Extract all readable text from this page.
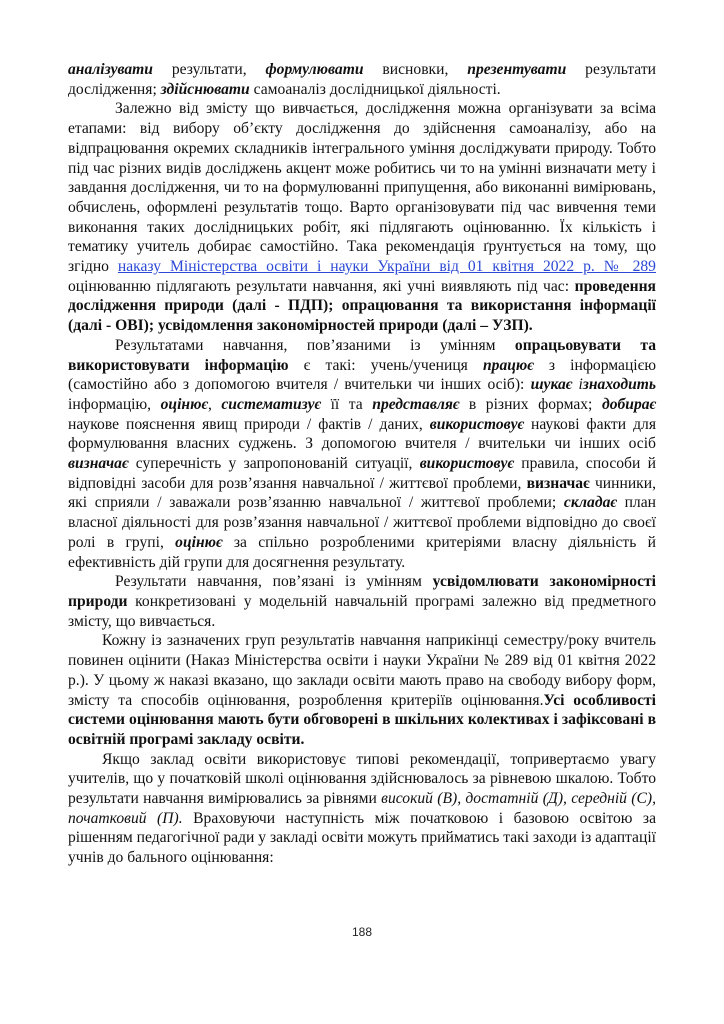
аналізувати результати, формулювати висновки, презентувати результати дослідження; здійснювати самоаналіз дослідницької діяльності.

Залежно від змісту що вивчається, дослідження можна організувати за всіма етапами: від вибору об’єкту дослідження до здійснення самоаналізу, або на відпрацювання окремих складників інтегрального уміння досліджувати природу. Тобто під час різних видів досліджень акцент може робитись чи то на умінні визначати мету і завдання дослідження, чи то на формулюванні припущення, або виконанні вимірювань, обчислень, оформлені результатів тощо. Варто організовувати під час вивчення теми виконання таких дослідницьких робіт, які підлягають оцінюванню. Їх кількість і тематику учитель добирає самостійно. Така рекомендація ґрунтується на тому, що згідно наказу Міністерства освіти і науки України від 01 квітня 2022 р. № 289 оцінюванню підлягають результати навчання, які учні виявляють під час: проведення дослідження природи (далі - ПДП); опрацювання та використання інформації (далі - ОВІ); усвідомлення закономірностей природи (далі – УЗП).

Результатами навчання, пов’язаними із умінням опрацьовувати та використовувати інформацію є такі: учень/учениця працює з інформацією (самостійно або з допомогою вчителя / вчительки чи інших осіб): шукає ізнаходить інформацію, оцінює, систематизує її та представляє в різних формах; добирає наукове пояснення явищ природи / фактів / даних, використовує наукові факти для формулювання власних суджень. З допомогою вчителя / вчительки чи інших осіб визначає суперечність у запропонованій ситуації, використовує правила, способи й відповідні засоби для розв’язання навчальної / життєвої проблеми, визначає чинники, які сприяли / заважали розв’язанню навчальної / життєвої проблеми; складає план власної діяльності для розв’язання навчальної / життєвої проблеми відповідно до своєї ролі в групі, оцінює за спільно розробленими критеріями власну діяльність й ефективність дій групи для досягнення результату.

Результати навчання, пов’язані із умінням усвідомлювати закономірності природи конкретизовані у модельній навчальній програмі залежно від предметного змісту, що вивчається.

Кожну із зазначених груп результатів навчання наприкінці семестру/року вчитель повинен оцінити (Наказ Міністерства освіти і науки України № 289 від 01 квітня 2022 р.). У цьому ж наказі вказано, що заклади освіти мають право на свободу вибору форм, змісту та способів оцінювання, розроблення критеріїв оцінювання.Усі особливості системи оцінювання мають бути обговорені в шкільних колективах і зафіксовані в освітній програмі закладу освіти.

Якщо заклад освіти використовує типові рекомендації, топривертаємо увагу учителів, що у початковій школі оцінювання здійснювалось за рівневою шкалою. Тобто результати навчання вимірювались за рівнями високий (В), достатній (Д), середній (С), початковий (П). Враховуючи наступність між початковою і базовою освітою за рішенням педагогічної ради у закладі освіти можуть прийматись такі заходи із адаптації учнів до бального оцінювання:

188
